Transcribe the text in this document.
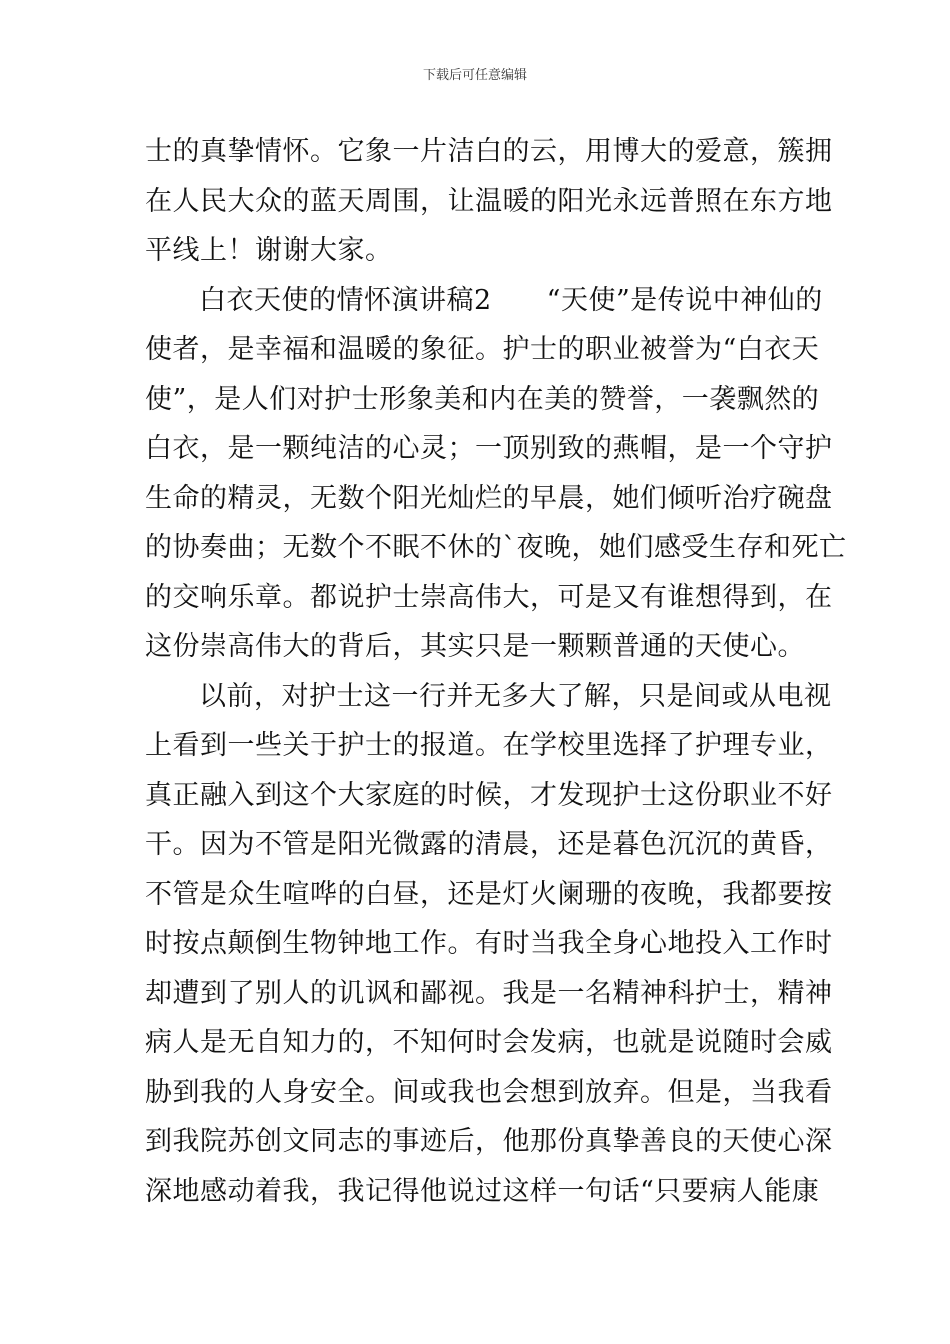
下载后可任意编辑
士的真挚情怀。它象一片洁白的云，用博大的爱意，簇拥
在人民大众的蓝天周围，让温暖的阳光永远普照在东方地
平线上！谢谢大家。
白衣天使的情怀演讲稿2　　“天使”是传说中神仙的
使者，是幸福和温暖的象征。护士的职业被誉为“白衣天
使”，是人们对护士形象美和内在美的赞誉，一袭飘然的
白衣，是一颗纯洁的心灵；一顶别致的燕帽，是一个守护
生命的精灵，无数个阳光灿烂的早晨，她们倾听治疗碗盘
的协奏曲；无数个不眠不休的`夜晚，她们感受生存和死亡
的交响乐章。都说护士崇高伟大，可是又有谁想得到，在
这份崇高伟大的背后，其实只是一颗颗普通的天使心。
以前，对护士这一行并无多大了解，只是间或从电视
上看到一些关于护士的报道。在学校里选择了护理专业，
真正融入到这个大家庭的时候，才发现护士这份职业不好
干。因为不管是阳光微露的清晨，还是暮色沉沉的黄昏，
不管是众生喧哗的白昼，还是灯火阑珊的夜晚，我都要按
时按点颠倒生物钟地工作。有时当我全身心地投入工作时
却遭到了别人的讥讽和鄙视。我是一名精神科护士，精神
病人是无自知力的，不知何时会发病，也就是说随时会威
胁到我的人身安全。间或我也会想到放弃。但是，当我看
到我院苏创文同志的事迹后，他那份真挚善良的天使心深
深地感动着我，我记得他说过这样一句话“只要病人能康
